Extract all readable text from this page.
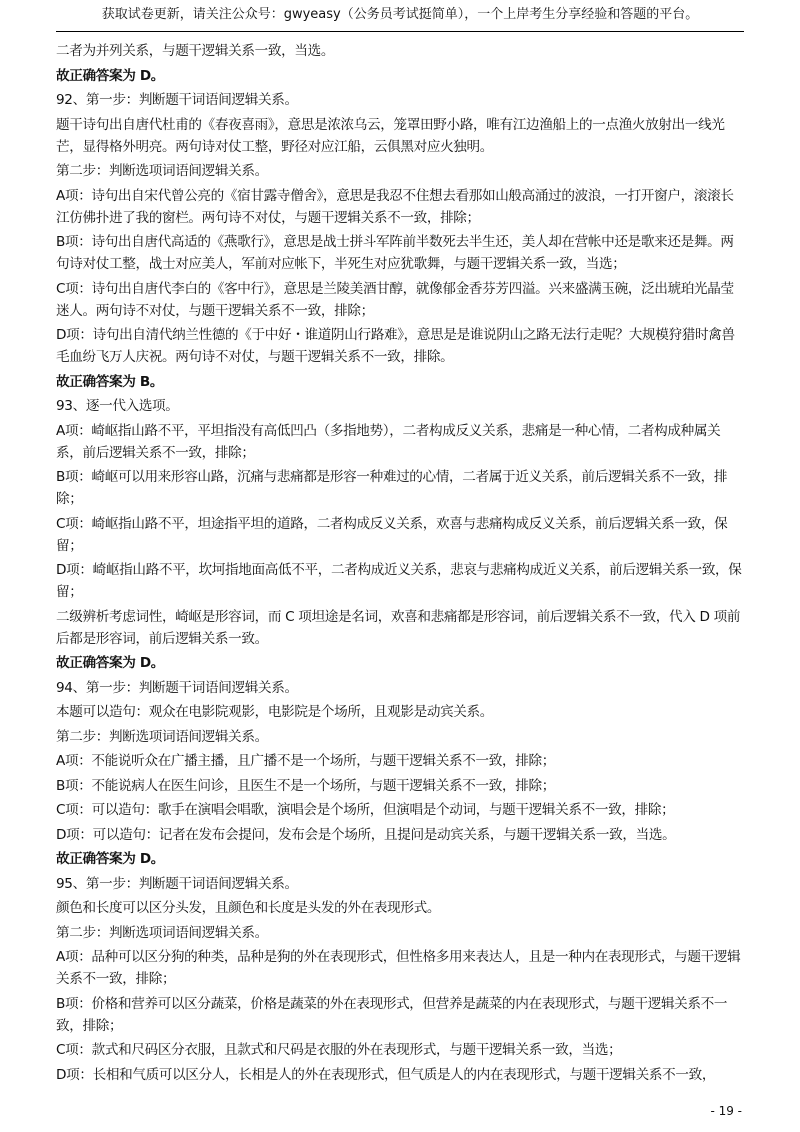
获取试卷更新，请关注公众号：gwyeasy（公务员考试挺简单），一个上岸考生分享经验和答题的平台。

二者为并列关系，与题干逻辑关系一致，当选。

故正确答案为 D。

92、第一步：判断题干词语间逻辑关系。

题干诗句出自唐代杜甫的《春夜喜雨》，意思是浓浓乌云，笼罩田野小路，唯有江边渔船上的一点渔火放射出一线光芒，显得格外明亮。两句诗对仗工整，野径对应江船，云俱黑对应火独明。

第二步：判断选项词语间逻辑关系。

A项：诗句出自宋代曾公亮的《宿甘露寺僧舍》，意思是我忍不住想去看那如山般高涌过的波浪，一打开窗户，滚滚长江仿佛扑进了我的窗栏。两句诗不对仗，与题干逻辑关系不一致，排除；

B项：诗句出自唐代高适的《燕歌行》，意思是战士拼斗军阵前半数死去半生还，美人却在营帐中还是歌来还是舞。两句诗对仗工整，战士对应美人，军前对应帐下，半死生对应犹歌舞，与题干逻辑关系一致，当选；

C项：诗句出自唐代李白的《客中行》，意思是兰陵美酒甘醇，就像郁金香芬芳四溢。兴来盛满玉碗，泛出琥珀光晶莹迷人。两句诗不对仗，与题干逻辑关系不一致，排除；

D项：诗句出自清代纳兰性德的《于中好・谁道阴山行路难》，意思是是谁说阴山之路无法行走呢？大规模狩猎时禽兽毛血纷飞万人庆祝。两句诗不对仗，与题干逻辑关系不一致，排除。

故正确答案为 B。

93、逐一代入选项。

A项：崎岖指山路不平，平坦指没有高低凹凸（多指地势），二者构成反义关系，悲痛是一种心情，二者构成种属关系，前后逻辑关系不一致，排除；

B项：崎岖可以用来形容山路，沉痛与悲痛都是形容一种难过的心情，二者属于近义关系，前后逻辑关系不一致，排除；

C项：崎岖指山路不平，坦途指平坦的道路，二者构成反义关系，欢喜与悲痛构成反义关系，前后逻辑关系一致，保留；

D项：崎岖指山路不平，坎坷指地面高低不平，二者构成近义关系，悲哀与悲痛构成近义关系，前后逻辑关系一致，保留；

二级辨析考虑词性，崎岖是形容词，而 C 项坦途是名词，欢喜和悲痛都是形容词，前后逻辑关系不一致，代入 D 项前后都是形容词，前后逻辑关系一致。

故正确答案为 D。

94、第一步：判断题干词语间逻辑关系。

本题可以造句：观众在电影院观影，电影院是个场所，且观影是动宾关系。

第二步：判断选项词语间逻辑关系。

A项：不能说听众在广播主播，且广播不是一个场所，与题干逻辑关系不一致，排除；

B项：不能说病人在医生问诊，且医生不是一个场所，与题干逻辑关系不一致，排除；

C项：可以造句：歌手在演唱会唱歌，演唱会是个场所，但演唱是个动词，与题干逻辑关系不一致，排除；

D项：可以造句：记者在发布会提问，发布会是个场所，且提问是动宾关系，与题干逻辑关系一致，当选。

故正确答案为 D。

95、第一步：判断题干词语间逻辑关系。

颜色和长度可以区分头发，且颜色和长度是头发的外在表现形式。

第二步：判断选项词语间逻辑关系。

A项：品种可以区分狗的种类，品种是狗的外在表现形式，但性格多用来表达人，且是一种内在表现形式，与题干逻辑关系不一致，排除；

B项：价格和营养可以区分蔬菜，价格是蔬菜的外在表现形式，但营养是蔬菜的内在表现形式，与题干逻辑关系不一致，排除；

C项：款式和尺码区分衣服，且款式和尺码是衣服的外在表现形式，与题干逻辑关系一致，当选；

D项：长相和气质可以区分人，长相是人的外在表现形式，但气质是人的内在表现形式，与题干逻辑关系不一致，

- 19 -
